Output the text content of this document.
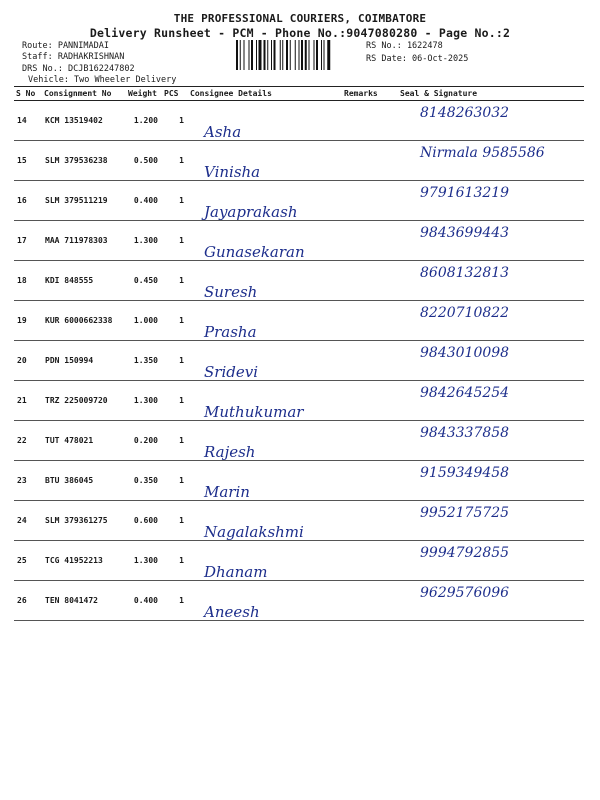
THE PROFESSIONAL COURIERS, COIMBATORE
Delivery Runsheet - PCM - Phone No.:9047080280 - Page No.:2
Route: PANNIMADAI
Staff: RADHAKRISHNAN
DRS No.: DCJB162247802
Vehicle: Two Wheeler Delivery
RS No.: 1622478
RS Date: 06-Oct-2025
S No	Consignment No	Weight	PCS	Consignee Details	Remarks	Seal & Signature

14	KCM 13519402	1.200	1	Asha		8148263032

15	SLM 379536238	0.500	1	Vinisha		Nirmala 9585586

16	SLM 379511219	0.400	1	Jayaprakash		9791613219

17	MAA 711978303	1.300	1	Gunasekaran		9843699443

18	KDI 848555	0.450	1	Suresh		8608132813

19	KUR 6000662338	1.000	1	Prasha		8220710822

20	PDN 150994	1.350	1	Sridevi		9843010098

21	TRZ 225009720	1.300	1	Muthukumar		9842645254

22	TUT 478021	0.200	1	Rajesh		9843337858

23	BTU 386045	0.350	1	Marin		9159349458

24	SLM 379361275	0.600	1	Nagalakshmi		9952175725

25	TCG 41952213	1.300	1	Dhanam		9994792855

26	TEN 8041472	0.400	1	Aneesh		9629576096
